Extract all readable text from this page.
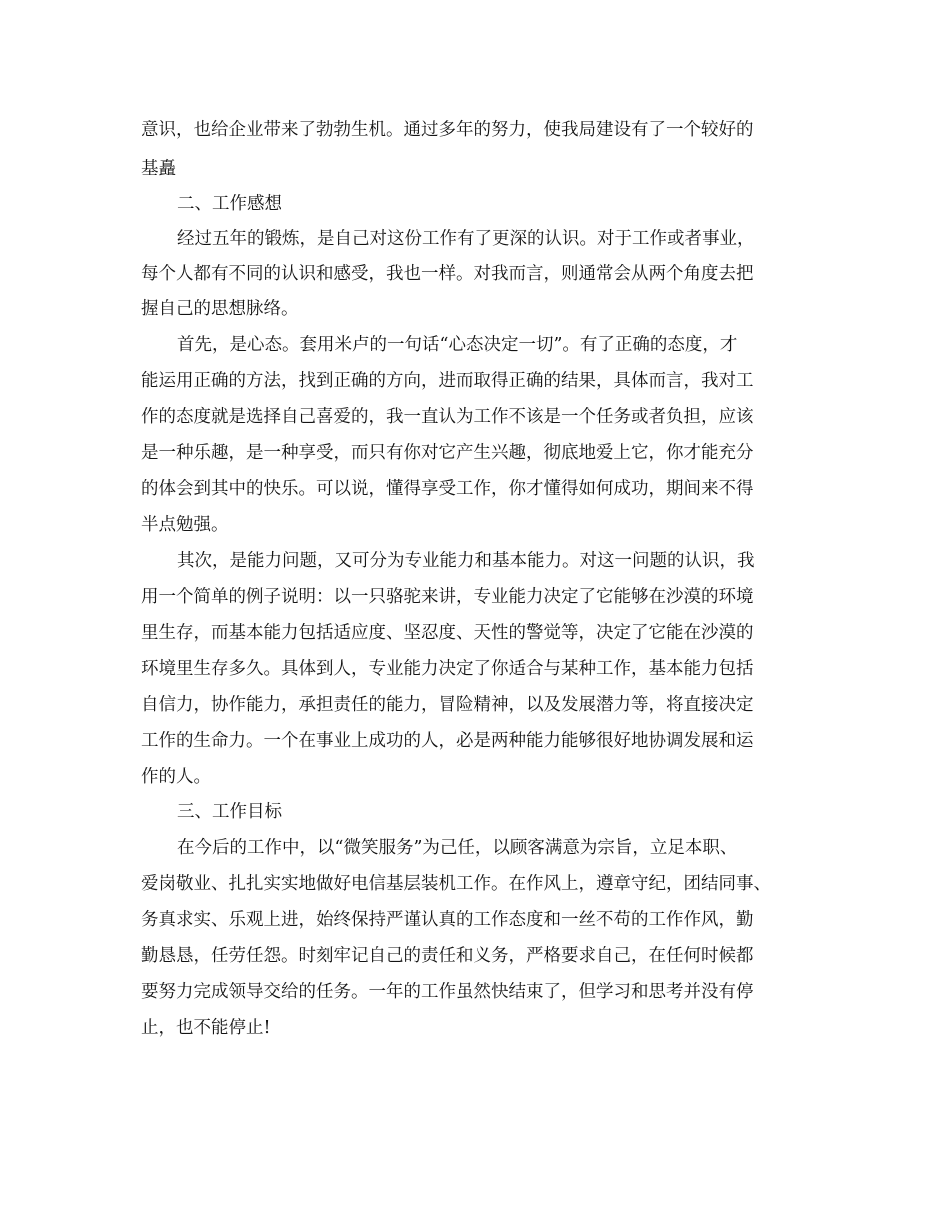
意识，也给企业带来了勃勃生机。通过多年的努力，使我局建设有了一个较好的
基矗
二、工作感想
经过五年的锻炼，是自己对这份工作有了更深的认识。对于工作或者事业，
每个人都有不同的认识和感受，我也一样。对我而言，则通常会从两个角度去把
握自己的思想脉络。
首先，是心态。套用米卢的一句话“心态决定一切”。有了正确的态度，才
能运用正确的方法，找到正确的方向，进而取得正确的结果，具体而言，我对工
作的态度就是选择自己喜爱的，我一直认为工作不该是一个任务或者负担，应该
是一种乐趣，是一种享受，而只有你对它产生兴趣，彻底地爱上它，你才能充分
的体会到其中的快乐。可以说，懂得享受工作，你才懂得如何成功，期间来不得
半点勉强。
其次，是能力问题，又可分为专业能力和基本能力。对这一问题的认识，我
用一个简单的例子说明：以一只骆驼来讲，专业能力决定了它能够在沙漠的环境
里生存，而基本能力包括适应度、坚忍度、天性的警觉等，决定了它能在沙漠的
环境里生存多久。具体到人，专业能力决定了你适合与某种工作，基本能力包括
自信力，协作能力，承担责任的能力，冒险精神，以及发展潜力等，将直接决定
工作的生命力。一个在事业上成功的人，必是两种能力能够很好地协调发展和运
作的人。
三、工作目标
在今后的工作中，以“微笑服务”为己任，以顾客满意为宗旨，立足本职、
爱岗敬业、扎扎实实地做好电信基层装机工作。在作风上，遵章守纪，团结同事、
务真求实、乐观上进，始终保持严谨认真的工作态度和一丝不苟的工作作风，勤
勤恳恳，任劳任怨。时刻牢记自己的责任和义务，严格要求自己，在任何时候都
要努力完成领导交给的任务。一年的工作虽然快结束了，但学习和思考并没有停
止，也不能停止!
